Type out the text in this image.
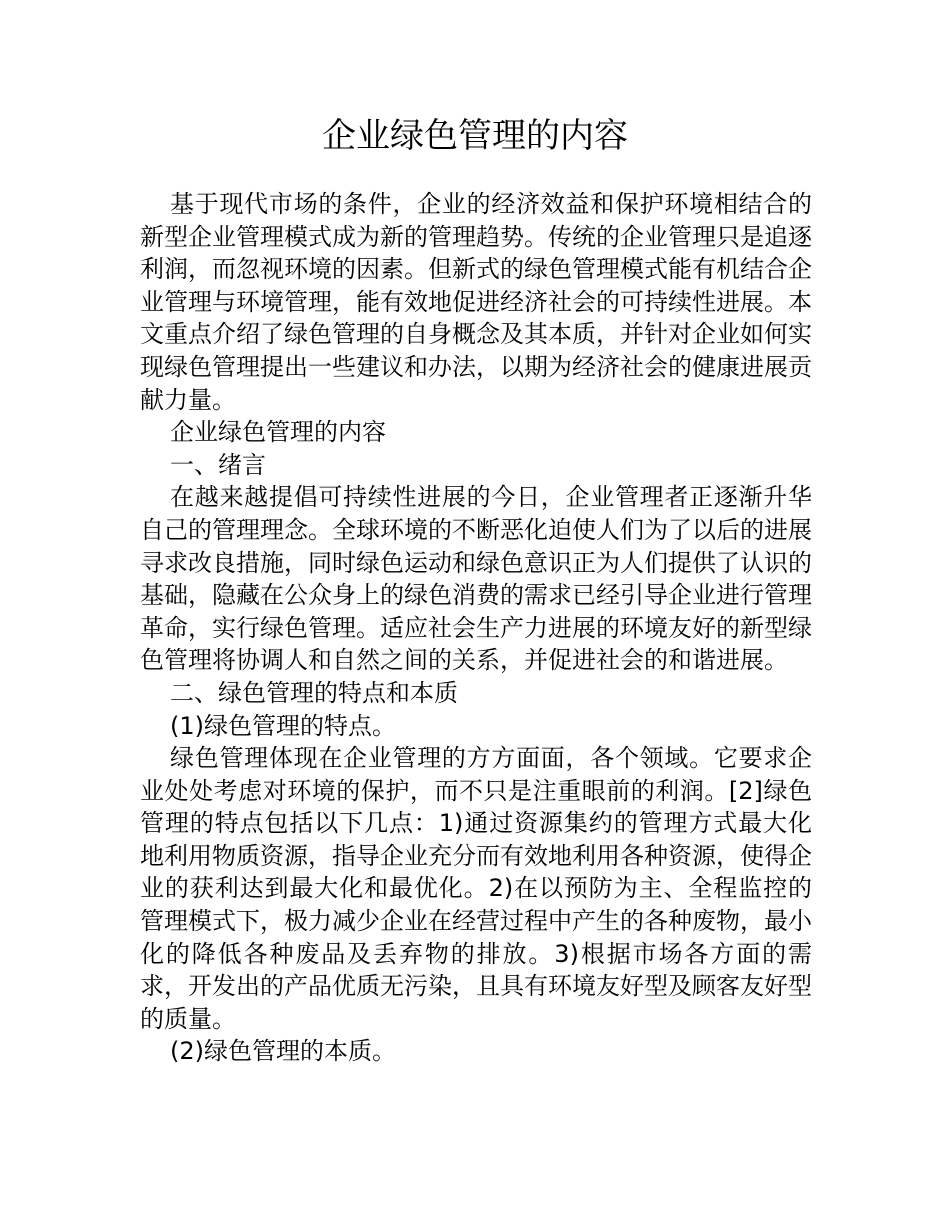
企业绿色管理的内容

基于现代市场的条件，企业的经济效益和保护环境相结合的新型企业管理模式成为新的管理趋势。传统的企业管理只是追逐利润，而忽视环境的因素。但新式的绿色管理模式能有机结合企业管理与环境管理，能有效地促进经济社会的可持续性进展。本文重点介绍了绿色管理的自身概念及其本质，并针对企业如何实现绿色管理提出一些建议和办法，以期为经济社会的健康进展贡献力量。

企业绿色管理的内容

一、绪言

在越来越提倡可持续性进展的今日，企业管理者正逐渐升华自己的管理理念。全球环境的不断恶化迫使人们为了以后的进展寻求改良措施，同时绿色运动和绿色意识正为人们提供了认识的基础，隐藏在公众身上的绿色消费的需求已经引导企业进行管理革命，实行绿色管理。适应社会生产力进展的环境友好的新型绿色管理将协调人和自然之间的关系，并促进社会的和谐进展。

二、绿色管理的特点和本质

(1)绿色管理的特点。

绿色管理体现在企业管理的方方面面，各个领域。它要求企业处处考虑对环境的保护，而不只是注重眼前的利润。[2]绿色管理的特点包括以下几点：1)通过资源集约的管理方式最大化地利用物质资源，指导企业充分而有效地利用各种资源，使得企业的获利达到最大化和最优化。2)在以预防为主、全程监控的管理模式下，极力减少企业在经营过程中产生的各种废物，最小化的降低各种废品及丢弃物的排放。3)根据市场各方面的需求，开发出的产品优质无污染，且具有环境友好型及顾客友好型的质量。

(2)绿色管理的本质。
